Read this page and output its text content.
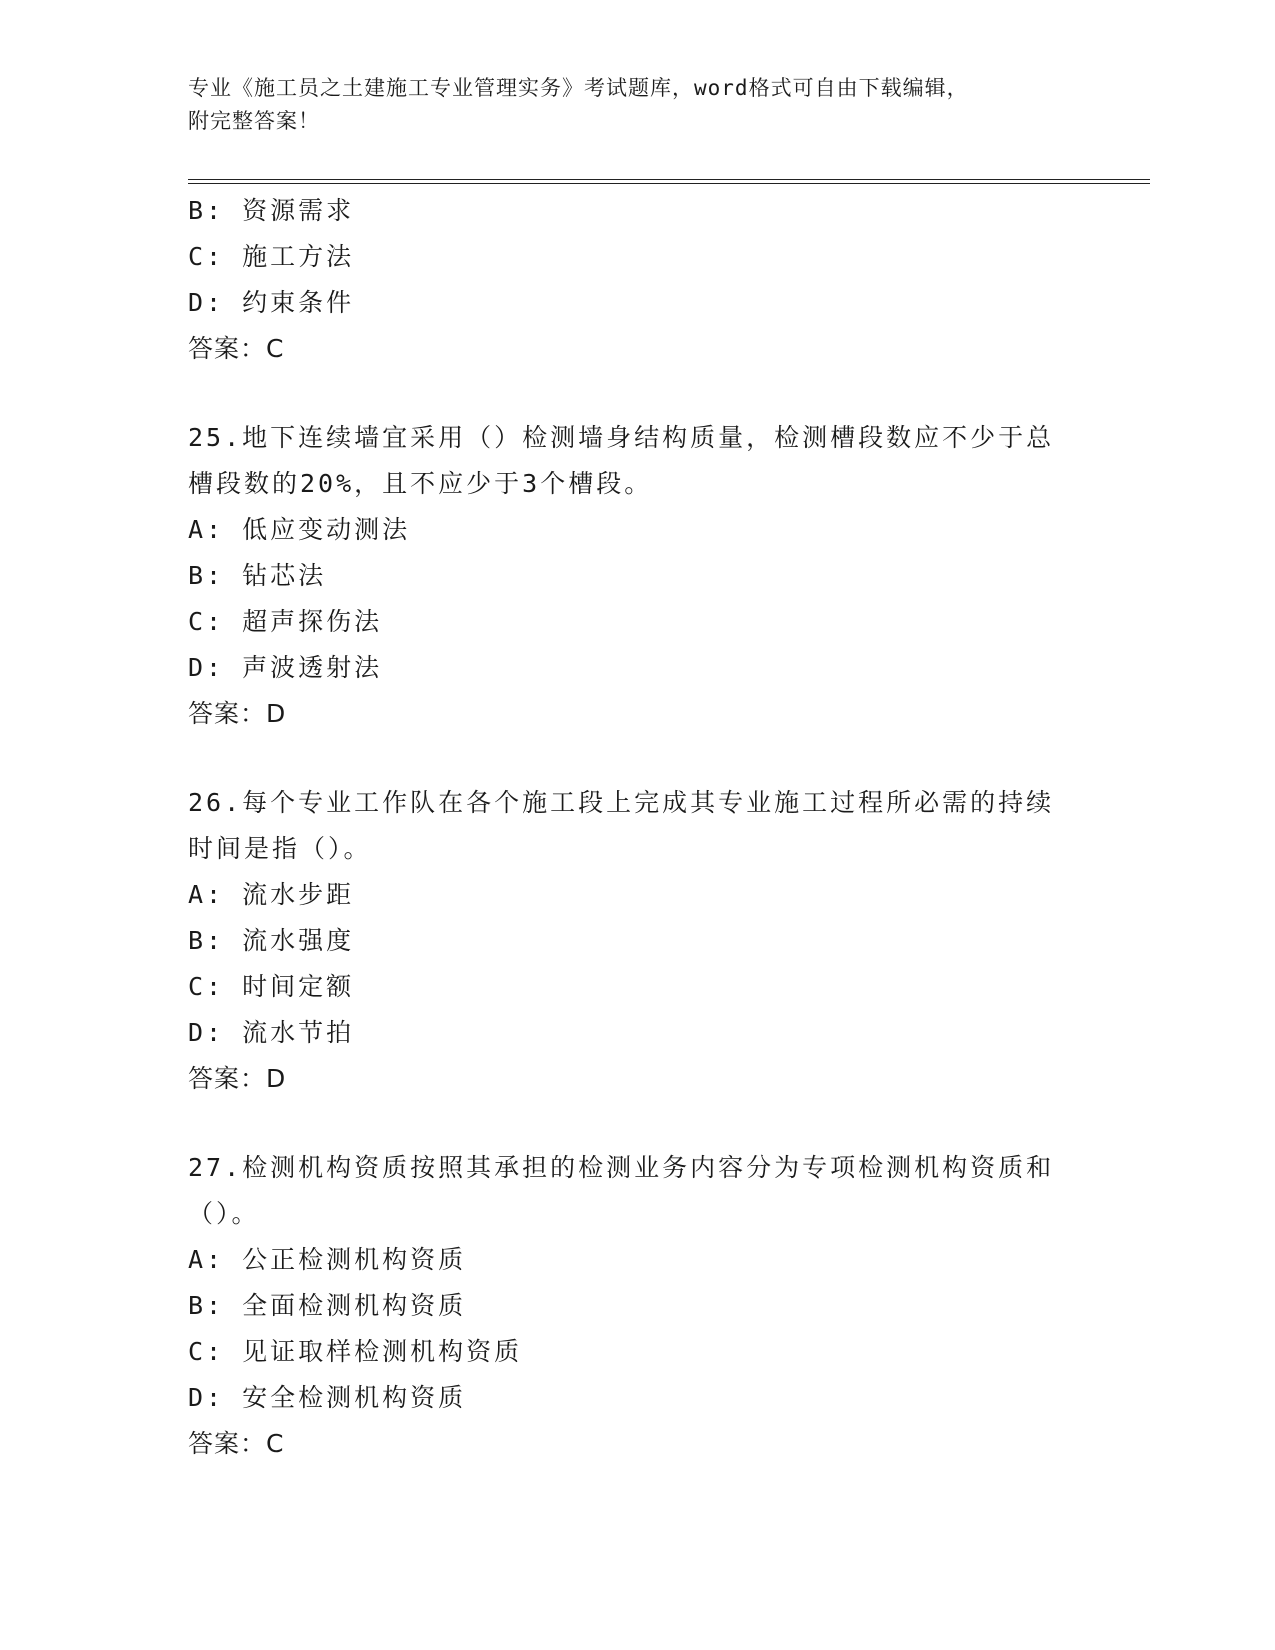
专业《施工员之土建施工专业管理实务》考试题库，word格式可自由下载编辑，
附完整答案！
B: 资源需求
C: 施工方法
D: 约束条件
答案：C
25.地下连续墙宜采用（）检测墙身结构质量，检测槽段数应不少于总
槽段数的20%，且不应少于3个槽段。
A: 低应变动测法
B: 钻芯法
C: 超声探伤法
D: 声波透射法
答案：D
26.每个专业工作队在各个施工段上完成其专业施工过程所必需的持续
时间是指（）。
A: 流水步距
B: 流水强度
C: 时间定额
D: 流水节拍
答案：D
27.检测机构资质按照其承担的检测业务内容分为专项检测机构资质和
（）。
A: 公正检测机构资质
B: 全面检测机构资质
C: 见证取样检测机构资质
D: 安全检测机构资质
答案：C
